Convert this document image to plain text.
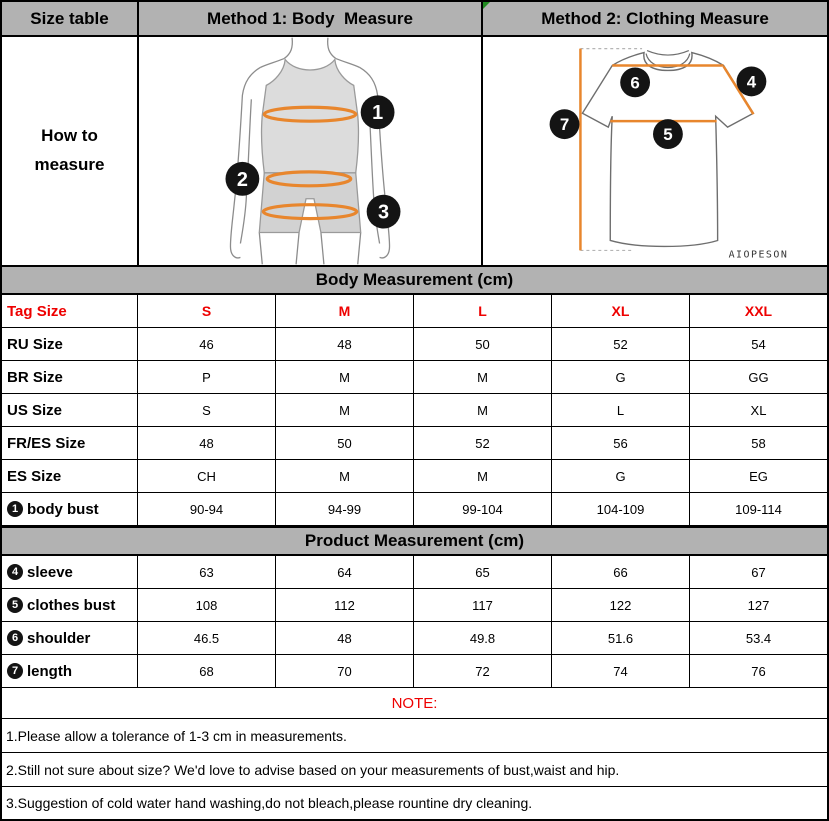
Size table	Method 1: Body  Measure	Method 2: Clothing Measure
How to measure
1
2
3
6	4
5
7
AIOPESON
Body Measurement (cm)
Tag Size	S	M	L	XL	XXL
RU Size	46	48	50	52	54
BR Size	P	M	M	G	GG
US Size	S	M	M	L	XL
FR/ES Size	48	50	52	56	58
ES Size	CH	M	M	G	EG
1 body bust	90-94	94-99	99-104	104-109	109-114
Product Measurement (cm)
4 sleeve	63	64	65	66	67
5 clothes bust	108	112	117	122	127
6 shoulder	46.5	48	49.8	51.6	53.4
7 length	68	70	72	74	76
NOTE:
1.Please allow a tolerance of 1-3 cm in measurements.
2.Still not sure about size? We'd love to advise based on your measurements of bust,waist and hip.
3.Suggestion of cold water hand washing,do not bleach,please rountine dry cleaning.
